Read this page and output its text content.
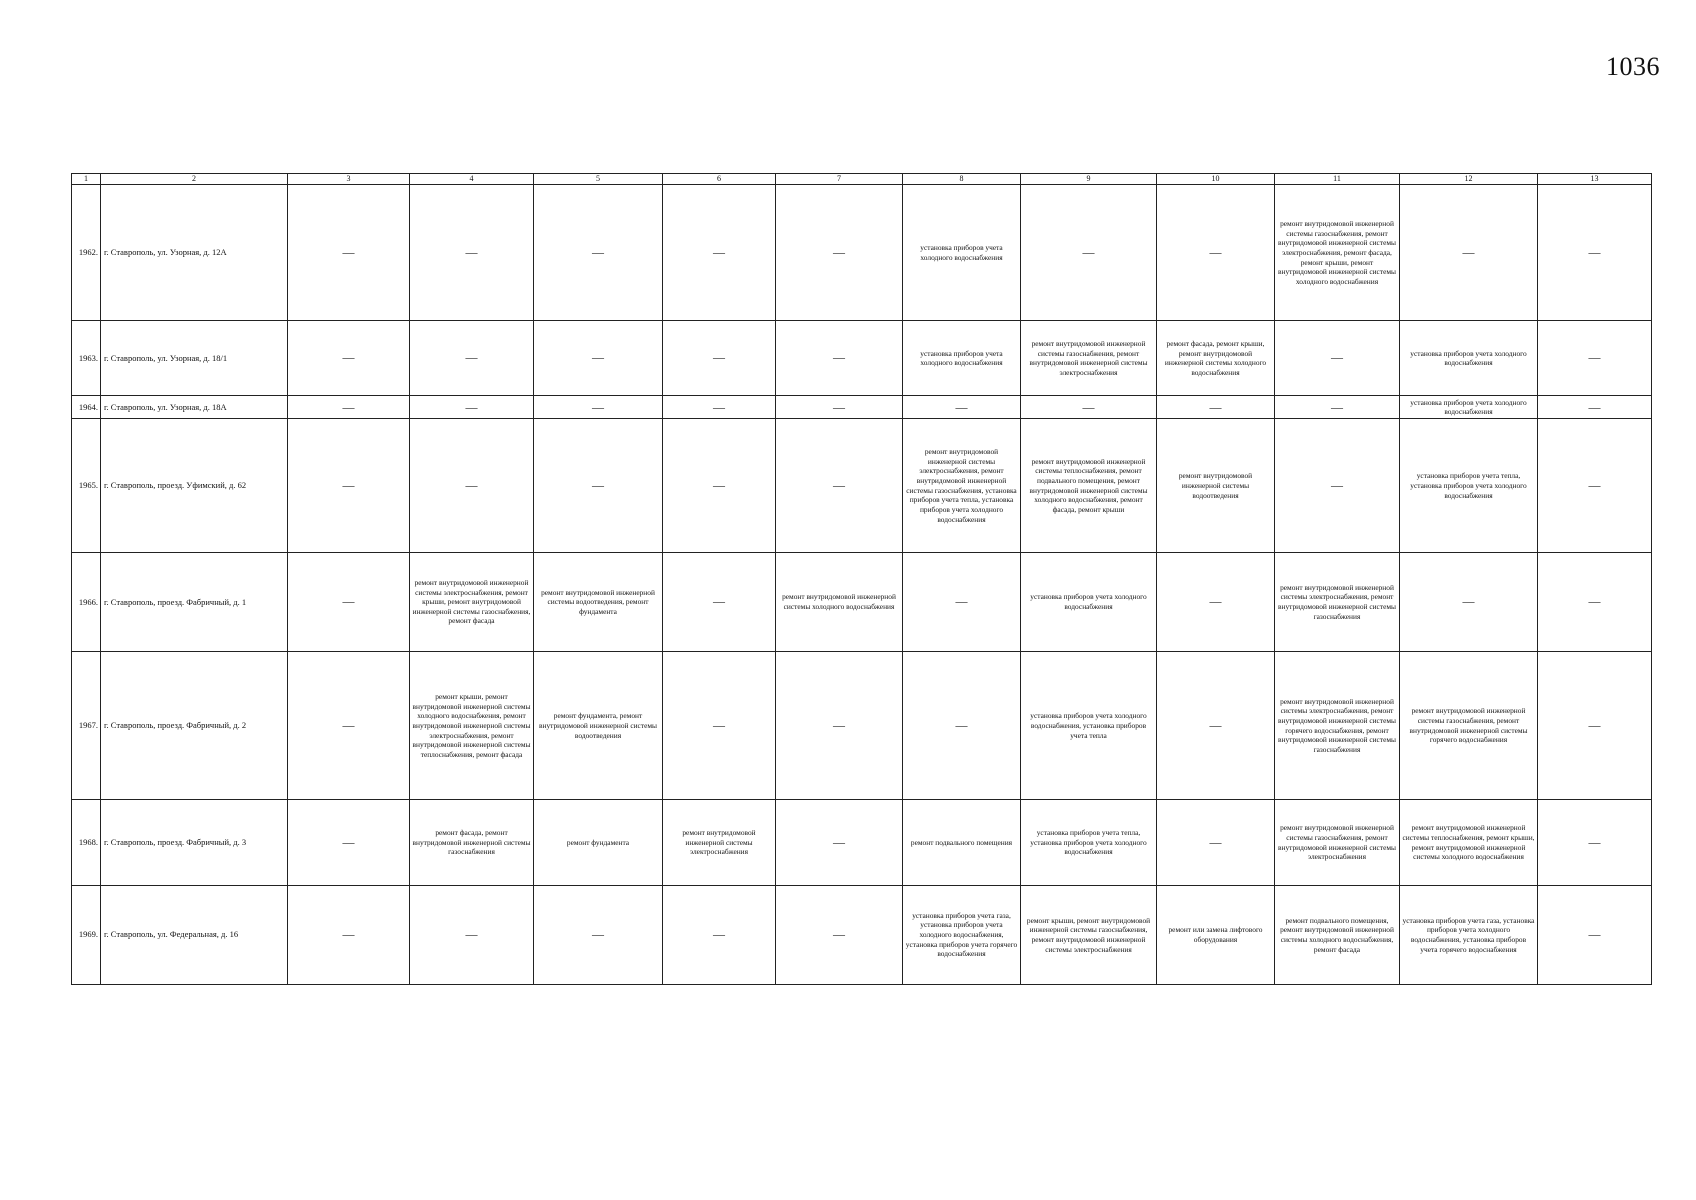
1036
1	2	3	4	5	6	7	8	9	10	11	12	13
1962.	г. Ставрополь, ул. Узорная, д. 12А	—	—	—	—	—	установка приборов учета холодного водоснабжения	—	—	ремонт внутридомовой инженерной системы газоснабжения, ремонт внутридомовой инженерной системы электроснабжения, ремонт фасада, ремонт крыши, ремонт внутридомовой инженерной системы холодного водоснабжения	—	—
1963.	г. Ставрополь, ул. Узорная, д. 18/1	—	—	—	—	—	установка приборов учета холодного водоснабжения	ремонт внутридомовой инженерной системы газоснабжения, ремонт внутридомовой инженерной системы электроснабжения	ремонт фасада, ремонт крыши, ремонт внутридомовой инженерной системы холодного водоснабжения	—	установка приборов учета холодного водоснабжения	—
1964.	г. Ставрополь, ул. Узорная, д. 18А	—	—	—	—	—	—	—	—	—	установка приборов учета холодного водоснабжения	—
1965.	г. Ставрополь, проезд. Уфимский, д. 62	—	—	—	—	—	ремонт внутридомовой инженерной системы электроснабжения, ремонт внутридомовой инженерной системы газоснабжения, установка приборов учета тепла, установка приборов учета холодного водоснабжения	ремонт внутридомовой инженерной системы теплоснабжения, ремонт подвального помещения, ремонт внутридомовой инженерной системы холодного водоснабжения, ремонт фасада, ремонт крыши	ремонт внутридомовой инженерной системы водоотведения	—	установка приборов учета тепла, установка приборов учета холодного водоснабжения	—
1966.	г. Ставрополь, проезд. Фабричный, д. 1	—	ремонт внутридомовой инженерной системы электроснабжения, ремонт крыши, ремонт внутридомовой инженерной системы газоснабжения, ремонт фасада	ремонт внутридомовой инженерной системы водоотведения, ремонт фундамента	—	ремонт внутридомовой инженерной системы холодного водоснабжения	—	установка приборов учета холодного водоснабжения	—	ремонт внутридомовой инженерной системы электроснабжения, ремонт внутридомовой инженерной системы газоснабжения	—	—
1967.	г. Ставрополь, проезд. Фабричный, д. 2	—	ремонт крыши, ремонт внутридомовой инженерной системы холодного водоснабжения, ремонт внутридомовой инженерной системы электроснабжения, ремонт внутридомовой инженерной системы теплоснабжения, ремонт фасада	ремонт фундамента, ремонт внутридомовой инженерной системы водоотведения	—	—	—	установка приборов учета холодного водоснабжения, установка приборов учета тепла	—	ремонт внутридомовой инженерной системы электроснабжения, ремонт внутридомовой инженерной системы горячего водоснабжения, ремонт внутридомовой инженерной системы газоснабжения	ремонт внутридомовой инженерной системы газоснабжения, ремонт внутридомовой инженерной системы горячего водоснабжения	—
1968.	г. Ставрополь, проезд. Фабричный, д. 3	—	ремонт фасада, ремонт внутридомовой инженерной системы газоснабжения	ремонт фундамента	ремонт внутридомовой инженерной системы электроснабжения	—	ремонт подвального помещения	установка приборов учета тепла, установка приборов учета холодного водоснабжения	—	ремонт внутридомовой инженерной системы газоснабжения, ремонт внутридомовой инженерной системы электроснабжения	ремонт внутридомовой инженерной системы теплоснабжения, ремонт крыши, ремонт внутридомовой инженерной системы холодного водоснабжения	—
1969.	г. Ставрополь, ул. Федеральная, д. 16	—	—	—	—	—	установка приборов учета газа, установка приборов учета холодного водоснабжения, установка приборов учета горячего водоснабжения	ремонт крыши, ремонт внутридомовой инженерной системы газоснабжения, ремонт внутридомовой инженерной системы электроснабжения	ремонт или замена лифтового оборудования	ремонт подвального помещения, ремонт внутридомовой инженерной системы холодного водоснабжения, ремонт фасада	установка приборов учета газа, установка приборов учета холодного водоснабжения, установка приборов учета горячего водоснабжения	—
